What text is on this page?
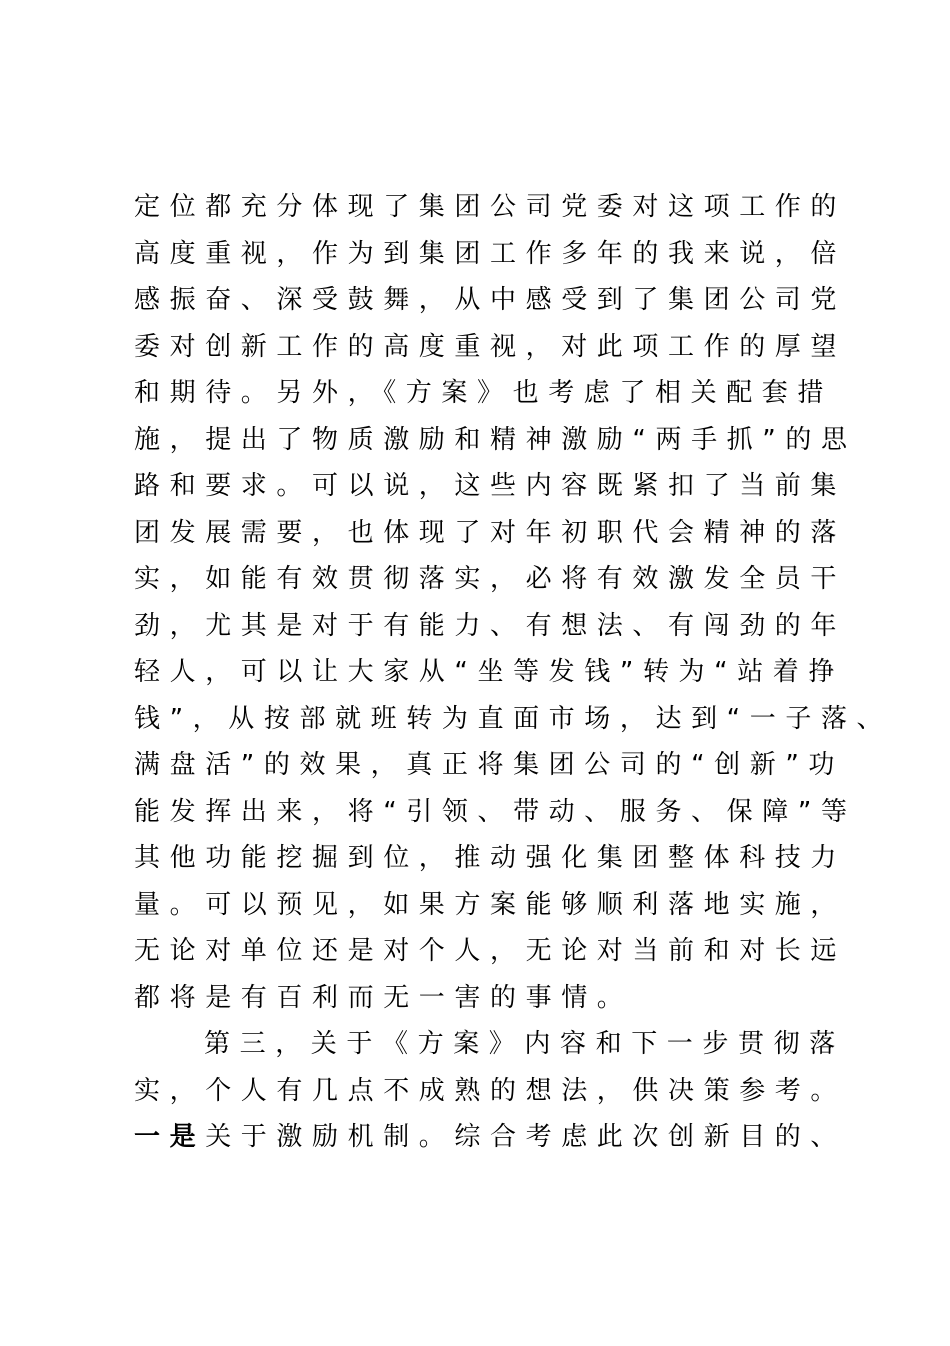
定位都充分体现了集团公司党委对这项工作的
高度重视，作为到集团工作多年的我来说，倍
感振奋、深受鼓舞，从中感受到了集团公司党
委对创新工作的高度重视，对此项工作的厚望
和期待。另外，《方案》也考虑了相关配套措
施，提出了物质激励和精神激励“两手抓”的思
路和要求。可以说，这些内容既紧扣了当前集
团发展需要，也体现了对年初职代会精神的落
实，如能有效贯彻落实，必将有效激发全员干
劲，尤其是对于有能力、有想法、有闯劲的年
轻人，可以让大家从“坐等发钱”转为“站着挣
钱”，从按部就班转为直面市场，达到“一子落、
满盘活”的效果，真正将集团公司的“创新”功
能发挥出来，将“引领、带动、服务、保障”等
其他功能挖掘到位，推动强化集团整体科技力
量。可以预见，如果方案能够顺利落地实施，
无论对单位还是对个人，无论对当前和对长远
都将是有百利而无一害的事情。
第三，关于《方案》内容和下一步贯彻落
实，个人有几点不成熟的想法，供决策参考。
一是关于激励机制。综合考虑此次创新目的、
